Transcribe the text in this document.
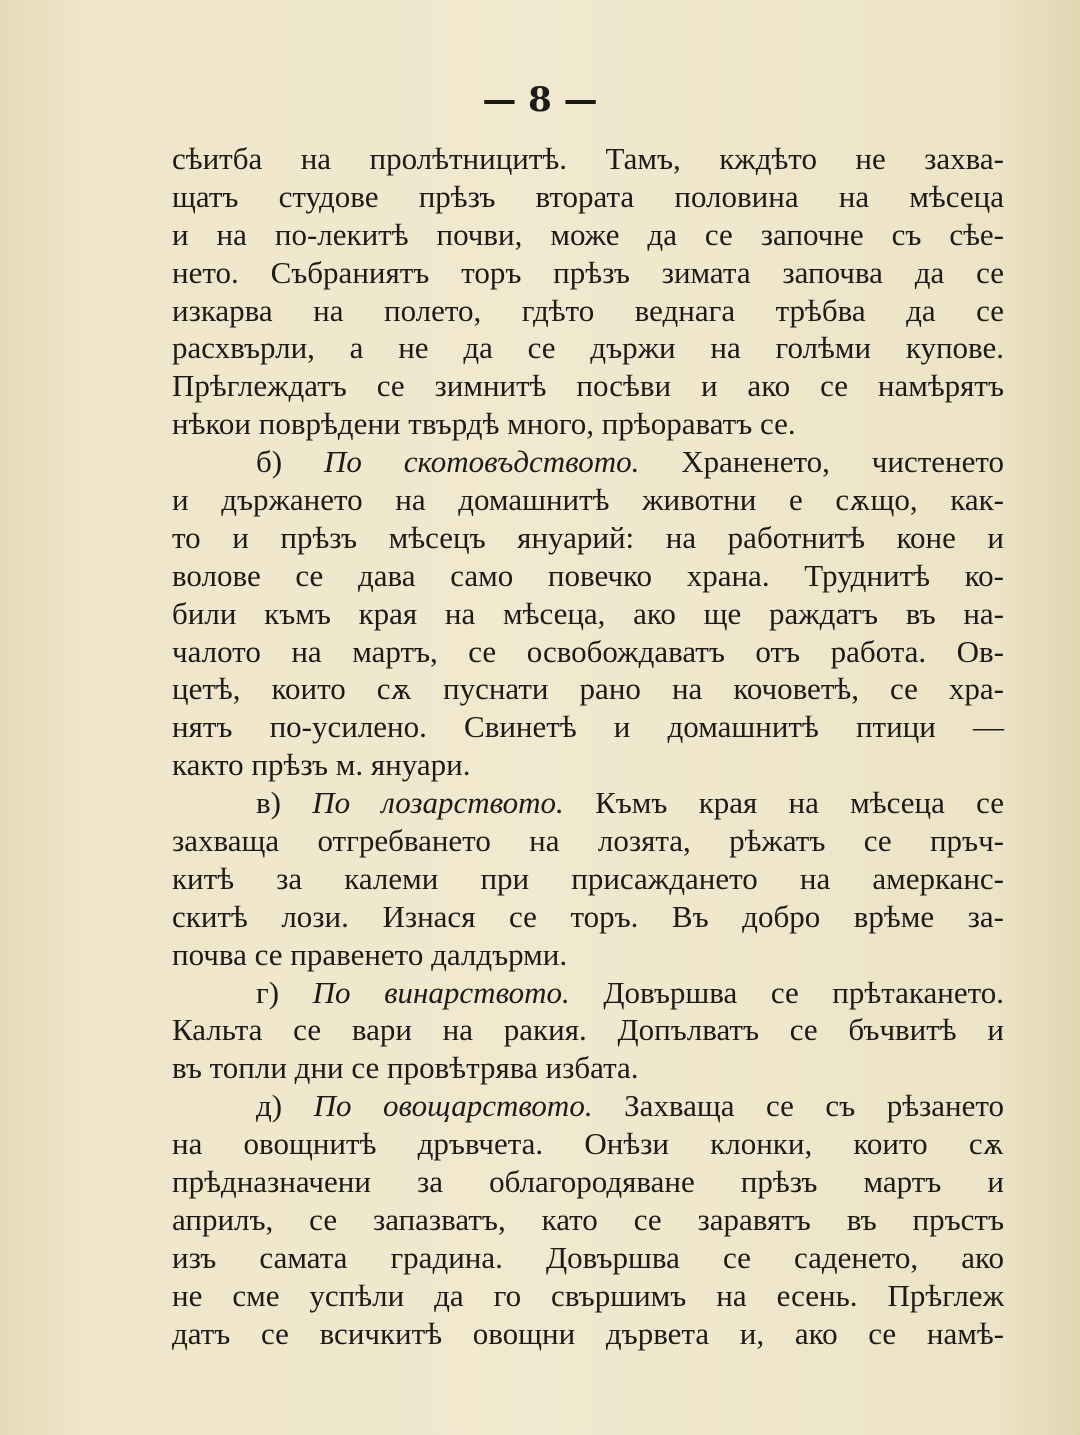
— 8 —
сѣитба на пролѣтницитѣ. Тамъ, кждѣто не захва-
щатъ студове прѣзъ втората половина на мѣсеца
и на по-лекитѣ почви, може да се започне съ сѣе-
нето. Събраниятъ торъ прѣзъ зимата започва да се
изкарва на полето, гдѣто веднага трѣбва да се
расхвърли, а не да се държи на голѣми купове.
Прѣглеждатъ се зимнитѣ посѣви и ако се намѣрятъ
нѣкои поврѣдени твърдѣ много, прѣораватъ се.
б) По скотовъдството. Храненето, чистенето
и държането на домашнитѣ животни е сѫщо, как-
то и прѣзъ мѣсецъ януарий: на работнитѣ коне и
волове се дава само повечко храна. Труднитѣ ко-
били къмъ края на мѣсеца, ако ще раждатъ въ на-
чалото на мартъ, се освобождаватъ отъ работа. Ов-
цетѣ, които сѫ пуснати рано на кочоветѣ, се хра-
нятъ по-усилено. Свинетѣ и домашнитѣ птици —
както прѣзъ м. януари.
в) По лозарството. Къмъ края на мѣсеца се
захваща отгребването на лозята, рѣжатъ се пръч-
китѣ за калеми при присаждането на амерканс-
скитѣ лози. Изнася се торъ. Въ добро врѣме за-
почва се правенето далдърми.
г) По винарството. Довършва се прѣтакането.
Кальта се вари на ракия. Допълватъ се бъчвитѣ и
въ топли дни се провѣтрява избата.
д) По овощарството. Захваща се съ рѣзането
на овощнитѣ дръвчета. Онѣзи клонки, които сѫ
прѣдназначени за облагородяване прѣзъ мартъ и
априлъ, се запазватъ, като се заравятъ въ пръстъ
изъ самата градина. Довършва се саденето, ако
не сме успѣли да го свършимъ на есень. Прѣглеж
датъ се всичкитѣ овощни дървета и, ако се намѣ-
